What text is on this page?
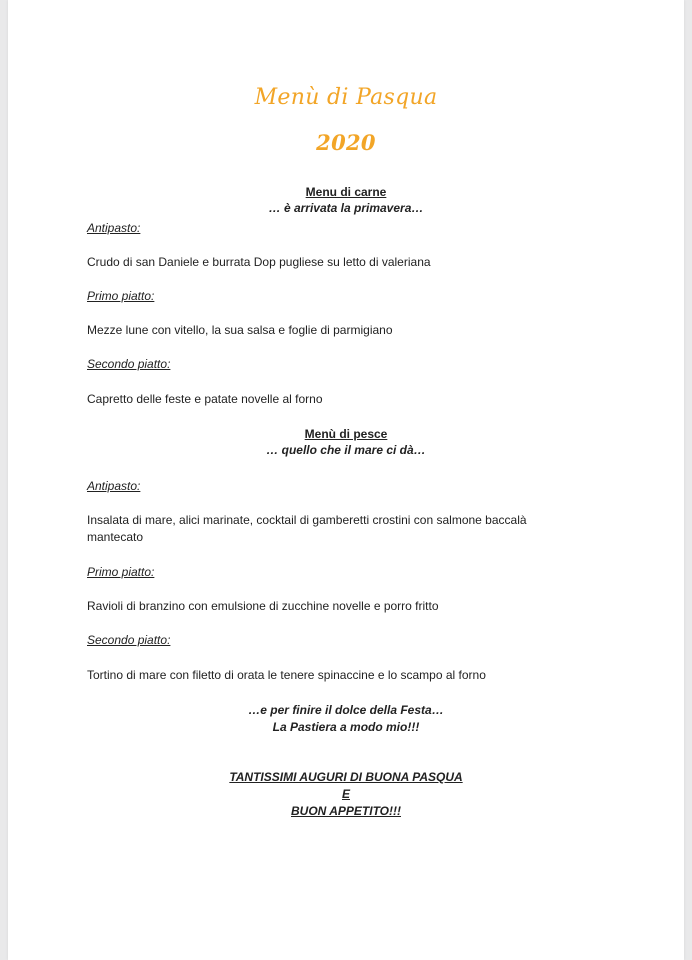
Menù di Pasqua
2020
Menu di carne
… è arrivata la primavera…
Antipasto:
Crudo di san Daniele e burrata Dop pugliese su letto di valeriana
Primo piatto:
Mezze lune con vitello, la sua salsa e foglie di parmigiano
Secondo piatto:
Capretto delle feste e patate novelle al forno
Menù di pesce
… quello che il mare ci dà…
Antipasto:
Insalata di mare, alici marinate, cocktail di gamberetti crostini con salmone baccalà mantecato
Primo piatto:
Ravioli di branzino con emulsione di zucchine novelle e porro fritto
Secondo piatto:
Tortino di mare con filetto di orata le tenere spinaccine e lo scampo al forno
…e per finire il dolce della Festa…
La Pastiera a modo mio!!!
TANTISSIMI AUGURI DI BUONA PASQUA
E
BUON APPETITO!!!
